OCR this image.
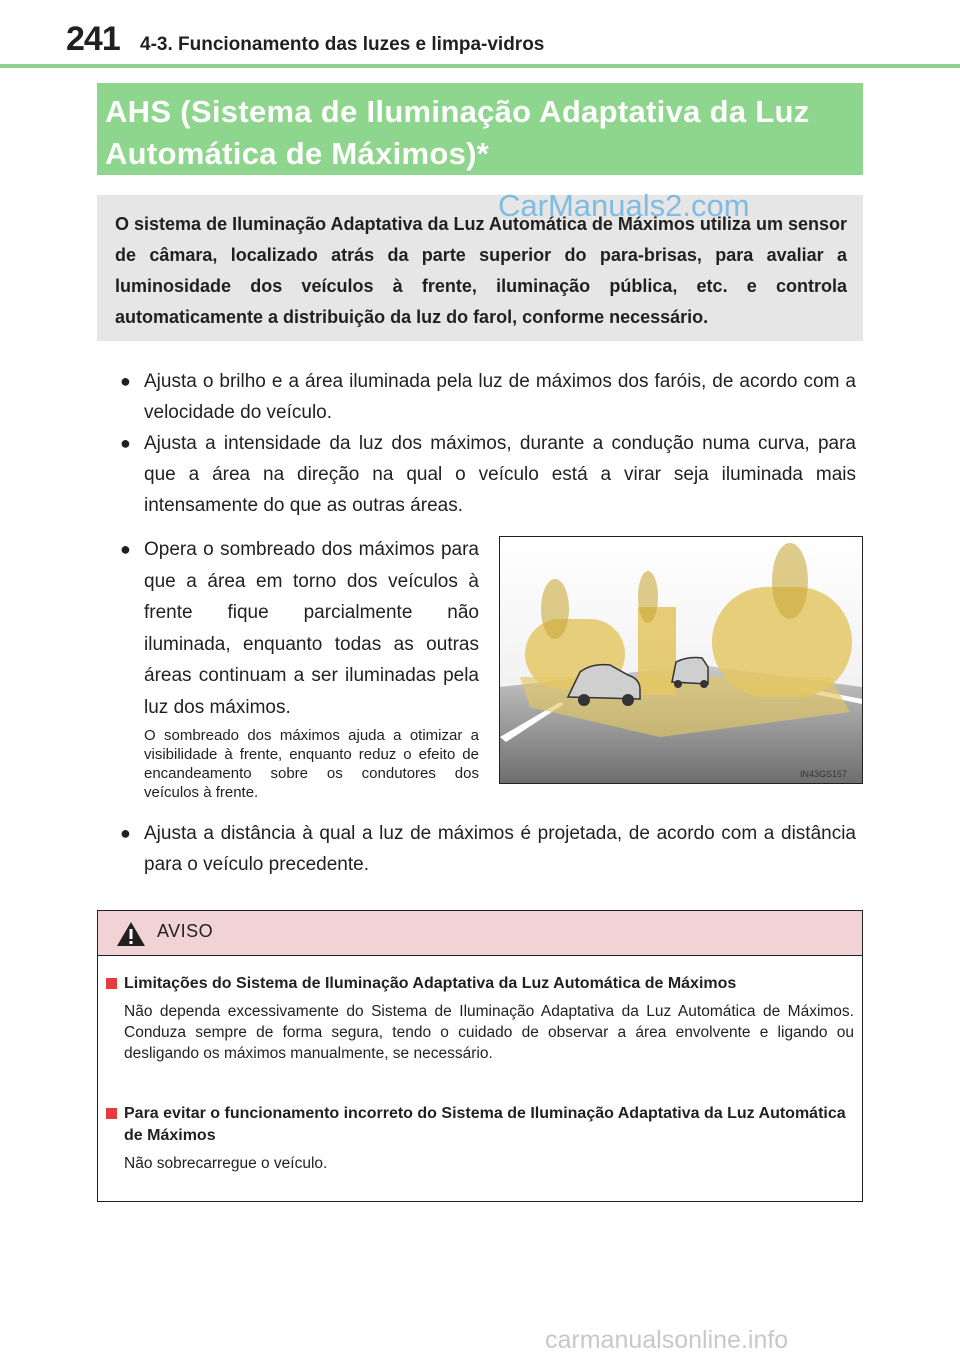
241 4-3. Funcionamento das luzes e limpa-vidros
AHS (Sistema de Iluminação Adaptativa da Luz
Automática de Máximos)*
CarManuals2.com
O sistema de Iluminação Adaptativa da Luz Automática de Máximos utiliza um sensor de câmara, localizado atrás da parte superior do para-brisas, para avaliar a luminosidade dos veículos à frente, iluminação pública, etc. e controla automaticamente a distribuição da luz do farol, conforme necessário.
● Ajusta o brilho e a área iluminada pela luz de máximos dos faróis, de acordo com a velocidade do veículo.
● Ajusta a intensidade da luz dos máximos, durante a condução numa curva, para que a área na direção na qual o veículo está a virar seja iluminada mais intensamente do que as outras áreas.
● Opera o sombreado dos máximos para que a área em torno dos veículos à frente fique parcialmente não iluminada, enquanto todas as outras áreas continuam a ser iluminadas pela luz dos máximos.
O sombreado dos máximos ajuda a otimizar a visibilidade à frente, enquanto reduz o efeito de encandeamento sobre os condutores dos veículos à frente.
IN43GS157
● Ajusta a distância à qual a luz de máximos é projetada, de acordo com a distância para o veículo precedente.
AVISO
Limitações do Sistema de Iluminação Adaptativa da Luz Automática de Máximos
Não dependa excessivamente do Sistema de Iluminação Adaptativa da Luz Automática de Máximos. Conduza sempre de forma segura, tendo o cuidado de observar a área envolvente e ligando ou desligando os máximos manualmente, se necessário.
Para evitar o funcionamento incorreto do Sistema de Iluminação Adaptativa da Luz Automática de Máximos
Não sobrecarregue o veículo.
carmanualsonline.info
